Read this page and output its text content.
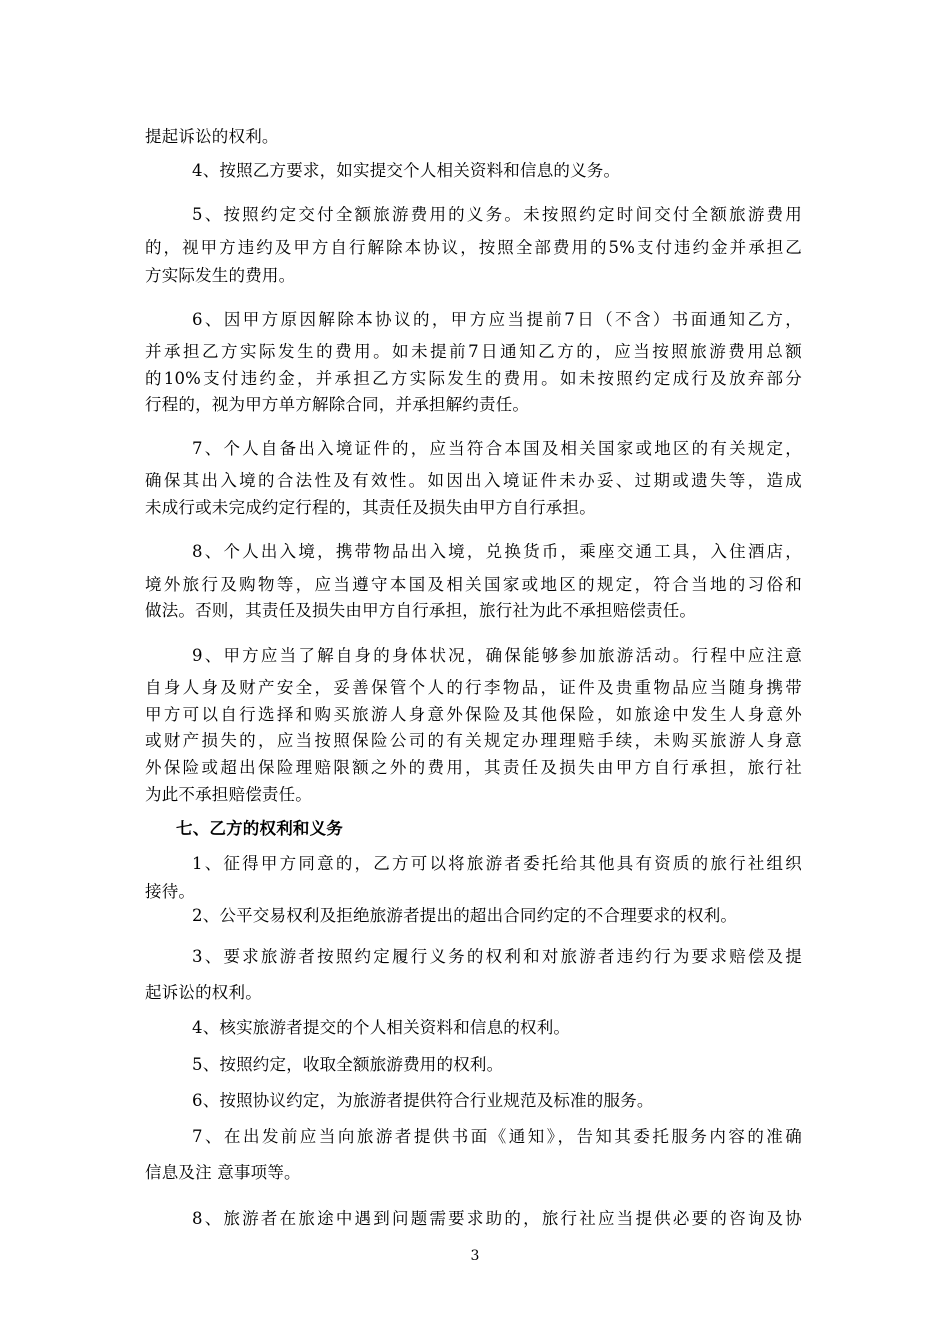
提起诉讼的权利。
4、按照乙方要求，如实提交个人相关资料和信息的义务。
5、按照约定交付全额旅游费用的义务。未按照约定时间交付全额旅游费用
的，视甲方违约及甲方自行解除本协议，按照全部费用的5%支付违约金并承担乙
方实际发生的费用。
6、因甲方原因解除本协议的，甲方应当提前7日（不含）书面通知乙方，
并承担乙方实际发生的费用。如未提前7日通知乙方的，应当按照旅游费用总额
的10%支付违约金，并承担乙方实际发生的费用。如未按照约定成行及放弃部分
行程的，视为甲方单方解除合同，并承担解约责任。
7、个人自备出入境证件的，应当符合本国及相关国家或地区的有关规定，
确保其出入境的合法性及有效性。如因出入境证件未办妥、过期或遗失等，造成
未成行或未完成约定行程的，其责任及损失由甲方自行承担。
8、个人出入境，携带物品出入境，兑换货币，乘座交通工具，入住酒店，
境外旅行及购物等，应当遵守本国及相关国家或地区的规定，符合当地的习俗和
做法。否则，其责任及损失由甲方自行承担，旅行社为此不承担赔偿责任。
9、甲方应当了解自身的身体状况，确保能够参加旅游活动。行程中应注意
自身人身及财产安全，妥善保管个人的行李物品，证件及贵重物品应当随身携带
甲方可以自行选择和购买旅游人身意外保险及其他保险，如旅途中发生人身意外
或财产损失的，应当按照保险公司的有关规定办理理赔手续，未购买旅游人身意
外保险或超出保险理赔限额之外的费用，其责任及损失由甲方自行承担，旅行社
为此不承担赔偿责任。
七、乙方的权利和义务
1、征得甲方同意的，乙方可以将旅游者委托给其他具有资质的旅行社组织
接待。
2、公平交易权利及拒绝旅游者提出的超出合同约定的不合理要求的权利。
3、要求旅游者按照约定履行义务的权利和对旅游者违约行为要求赔偿及提
起诉讼的权利。
4、核实旅游者提交的个人相关资料和信息的权利。
5、按照约定，收取全额旅游费用的权利。
6、按照协议约定，为旅游者提供符合行业规范及标准的服务。
7、在出发前应当向旅游者提供书面《通知》，告知其委托服务内容的准确
信息及注 意事项等。
8、旅游者在旅途中遇到问题需要求助的，旅行社应当提供必要的咨询及协
3
